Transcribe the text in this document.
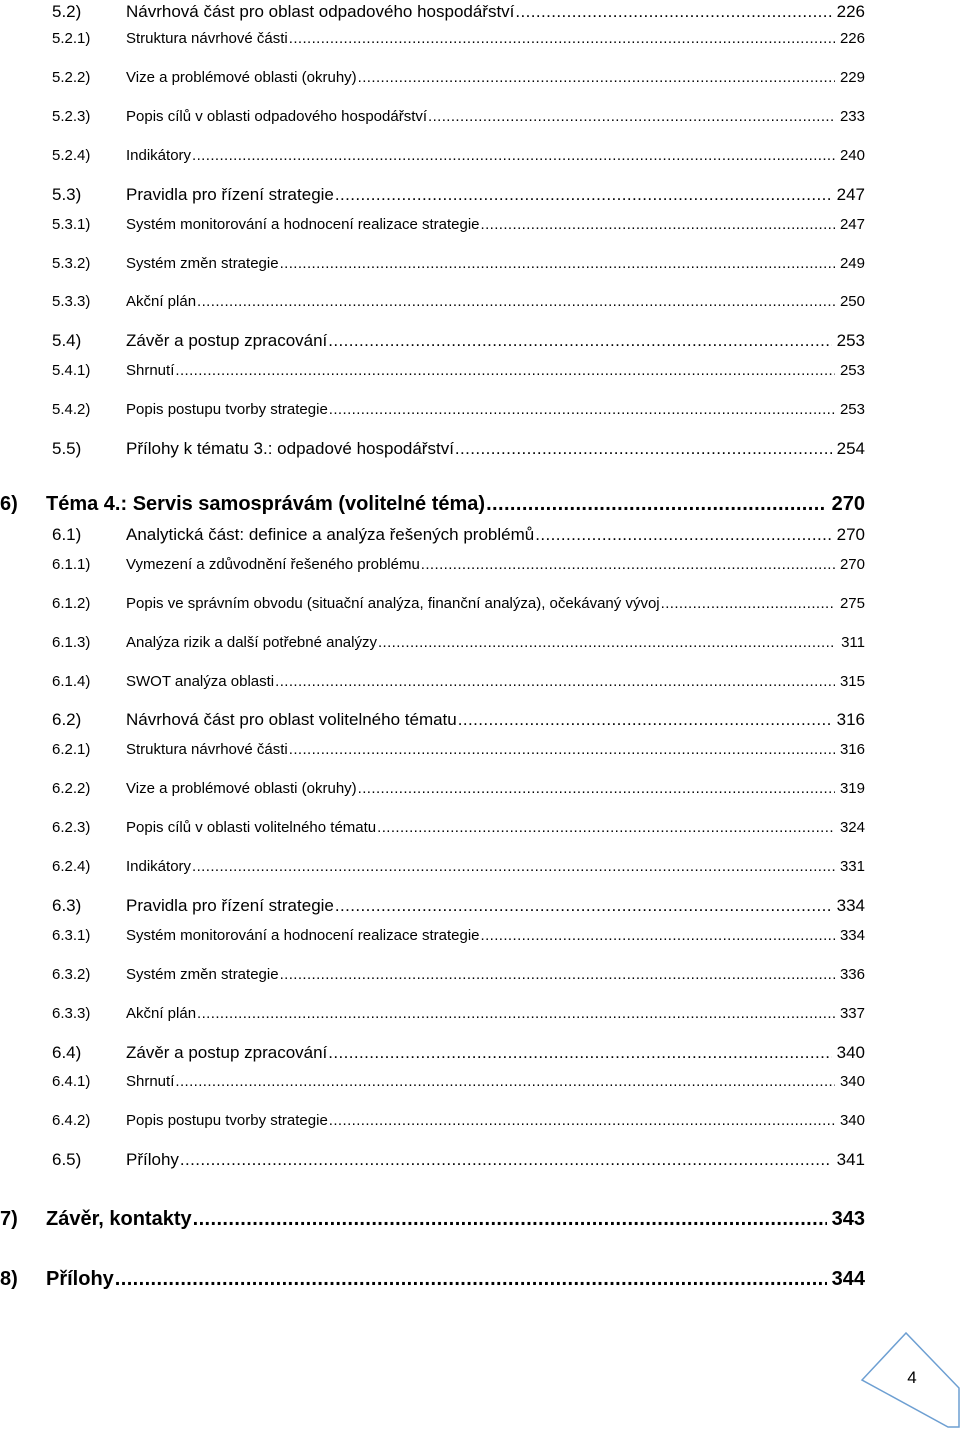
5.2)	Návrhová část pro oblast odpadového hospodářství .....	226
5.2.1)	Struktura návrhové části .....	226
5.2.2)	Vize a problémové oblasti (okruhy) .....	229
5.2.3)	Popis cílů v oblasti odpadového hospodářství .....	233
5.2.4)	Indikátory .....	240
5.3)	Pravidla pro řízení strategie .....	247
5.3.1)	Systém monitorování a hodnocení realizace strategie .....	247
5.3.2)	Systém změn strategie .....	249
5.3.3)	Akční plán .....	250
5.4)	Závěr a postup zpracování .....	253
5.4.1)	Shrnutí .....	253
5.4.2)	Popis postupu tvorby strategie .....	253
5.5)	Přílohy k tématu 3.: odpadové hospodářství .....	254
6)	Téma 4.: Servis samosprávám (volitelné téma) .....	270
6.1)	Analytická část: definice a analýza řešených problémů .....	270
6.1.1)	Vymezení a zdůvodnění řešeného problému .....	270
6.1.2)	Popis ve správním obvodu (situační analýza, finanční analýza), očekávaný vývoj .....	275
6.1.3)	Analýza rizik a další potřebné analýzy .....	311
6.1.4)	SWOT analýza oblasti .....	315
6.2)	Návrhová část pro oblast volitelného tématu .....	316
6.2.1)	Struktura návrhové části .....	316
6.2.2)	Vize a problémové oblasti (okruhy) .....	319
6.2.3)	Popis cílů v oblasti volitelného tématu .....	324
6.2.4)	Indikátory .....	331
6.3)	Pravidla pro řízení strategie .....	334
6.3.1)	Systém monitorování a hodnocení realizace strategie .....	334
6.3.2)	Systém změn strategie .....	336
6.3.3)	Akční plán .....	337
6.4)	Závěr a postup zpracování .....	340
6.4.1)	Shrnutí .....	340
6.4.2)	Popis postupu tvorby strategie .....	340
6.5)	Přílohy .....	341
7)	Závěr, kontakty .....	343
8)	Přílohy .....	344
4
